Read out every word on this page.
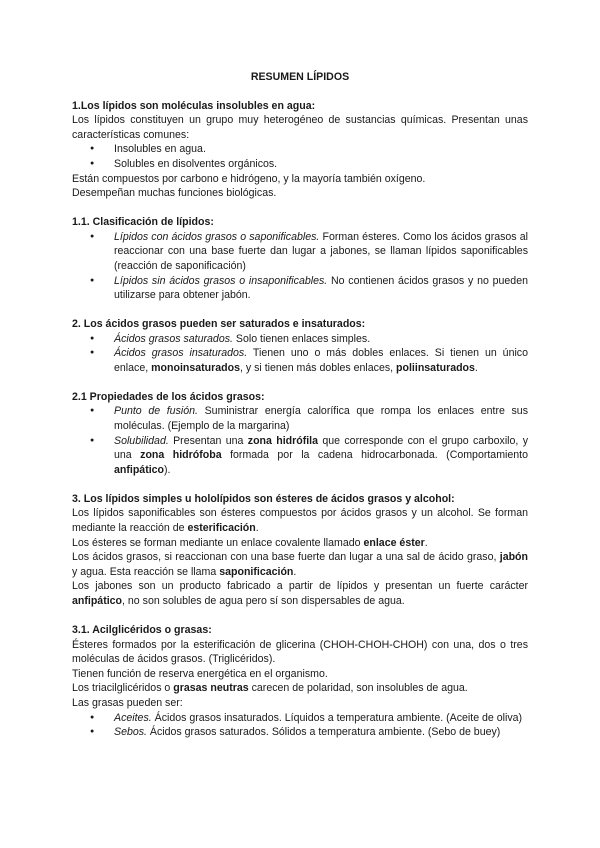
RESUMEN LÍPIDOS
1.Los lípidos son moléculas insolubles en agua:

Los lípidos constituyen un grupo muy heterogéneo de sustancias químicas. Presentan unas características comunes:

● Insolubles en agua.
● Solubles en disolventes orgánicos.

Están compuestos por carbono e hidrógeno, y la mayoría también oxígeno.

Desempeñan muchas funciones biológicas.

1.1. Clasificación de lípidos:
● Lípidos con ácidos grasos o saponificables. Forman ésteres. Como los ácidos grasos al reaccionar con una base fuerte dan lugar a jabones, se llaman lípidos saponificables (reacción de saponificación)
● Lípidos sin ácidos grasos o insaponificables. No contienen ácidos grasos y no pueden utilizarse para obtener jabón.
2. Los ácidos grasos pueden ser saturados e insaturados:
● Ácidos grasos saturados. Solo tienen enlaces simples.
● Ácidos grasos insaturados. Tienen uno o más dobles enlaces. Si tienen un único enlace, monoinsaturados, y si tienen más dobles enlaces, poliinsaturados.
2.1 Propiedades de los ácidos grasos:
● Punto de fusión. Suministrar energía calorífica que rompa los enlaces entre sus moléculas. (Ejemplo de la margarina)
● Solubilidad. Presentan una zona hidrófila que corresponde con el grupo carboxilo, y una zona hidrófoba formada por la cadena hidrocarbonada. (Comportamiento anfipático).
3. Los lípidos simples u hololípidos son ésteres de ácidos grasos y alcohol:

Los lípidos saponificables son ésteres compuestos por ácidos grasos y un alcohol. Se forman mediante la reacción de esterificación.

Los ésteres se forman mediante un enlace covalente llamado enlace éster.

Los ácidos grasos, si reaccionan con una base fuerte dan lugar a una sal de ácido graso, jabón y agua. Esta reacción se llama saponificación.

Los jabones son un producto fabricado a partir de lípidos y presentan un fuerte carácter anfipático, no son solubles de agua pero sí son dispersables de agua.

3.1. Acilglicéridos o grasas:

Ésteres formados por la esterificación de glicerina (CHOH-CHOH-CHOH) con una, dos o tres moléculas de ácidos grasos. (Triglicéridos).

Tienen función de reserva energética en el organismo.

Los triacilglicéridos o grasas neutras carecen de polaridad, son insolubles de agua.

Las grasas pueden ser:

● Aceites. Ácidos grasos insaturados. Líquidos a temperatura ambiente. (Aceite de oliva)
● Sebos. Ácidos grasos saturados. Sólidos a temperatura ambiente. (Sebo de buey)
